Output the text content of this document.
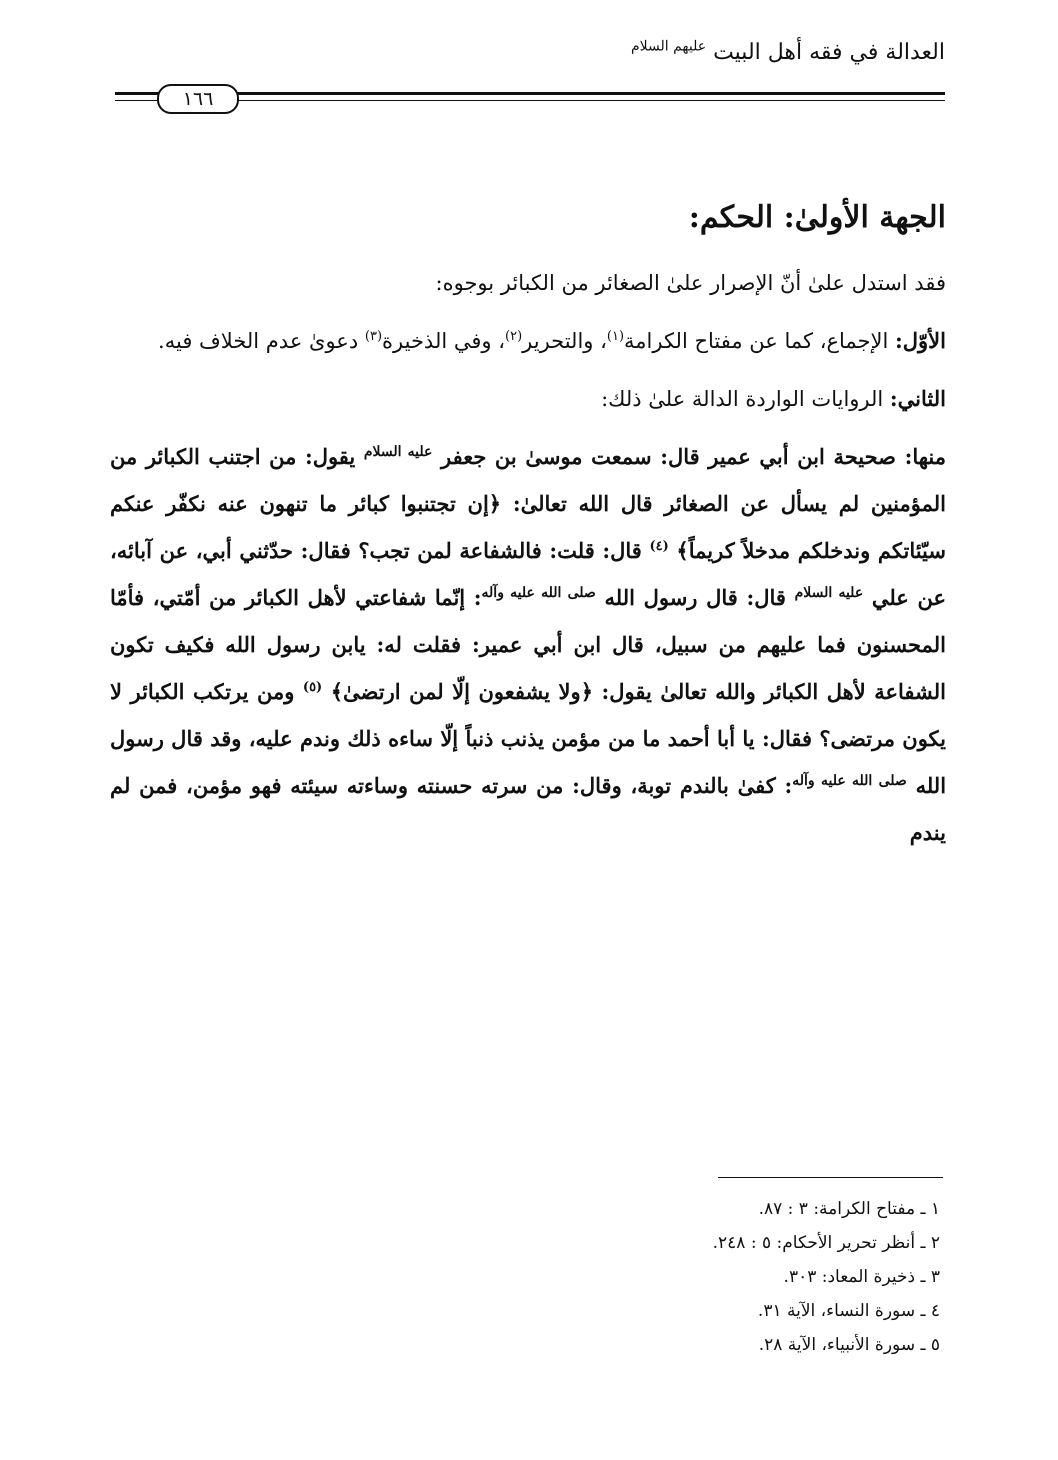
العدالة في فقه أهل البيت $^{عليهم السلام}$
١٦٦
الجهة الأولىٰ: الحكم:

فقد استدل علىٰ أنّ الإصرار علىٰ الصغائر من الكبائر بوجوه:

الأوّل: الإجماع، كما عن مفتاح الكرامة$^{(١)}$، والتحرير$^{(٢)}$، وفي الذخيرة$^{(٣)}$ دعوىٰ عدم الخلاف فيه.

الثاني: الروايات الواردة الدالة علىٰ ذلك:

منها: صحيحة ابن أبي عمير قال: سمعت موسىٰ بن جعفر $^{عليه السلام}$ يقول: من اجتنب الكبائر من المؤمنين لم يسأل عن الصغائر قال الله تعالىٰ: ﴿إن تجتنبوا كبائر ما تنهون عنه نكفّر عنكم سيّئاتكم وندخلكم مدخلاً كريماً﴾ $^{(٤)}$ قال: قلت: فالشفاعة لمن تجب؟ فقال: حدّثني أبي، عن آبائه، عن علي $^{عليه السلام}$ قال: قال رسول الله $^{صلى الله عليه وآله}$: إنّما شفاعتي لأهل الكبائر من أمّتي، فأمّا المحسنون فما عليهم من سبيل، قال ابن أبي عمير: فقلت له: يابن رسول الله فكيف تكون الشفاعة لأهل الكبائر والله تعالىٰ يقول: ﴿ولا يشفعون إلّا لمن ارتضىٰ﴾ $^{(٥)}$ ومن يرتكب الكبائر لا يكون مرتضى؟ فقال: يا أبا أحمد ما من مؤمن يذنب ذنباً إلّا ساءه ذلك وندم عليه، وقد قال رسول الله $^{صلى الله عليه وآله}$: كفىٰ بالندم توبة، وقال: من سرته حسنته وساءته سيئته فهو مؤمن، فمن لم يندم

١ ـ مفتاح الكرامة: ٣ : ٨٧.
٢ ـ أنظر تحرير الأحكام: ٥ : ٢٤٨.
٣ ـ ذخيرة المعاد: ٣٠٣.
٤ ـ سورة النساء، الآية ٣١.
٥ ـ سورة الأنبياء، الآية ٢٨.
